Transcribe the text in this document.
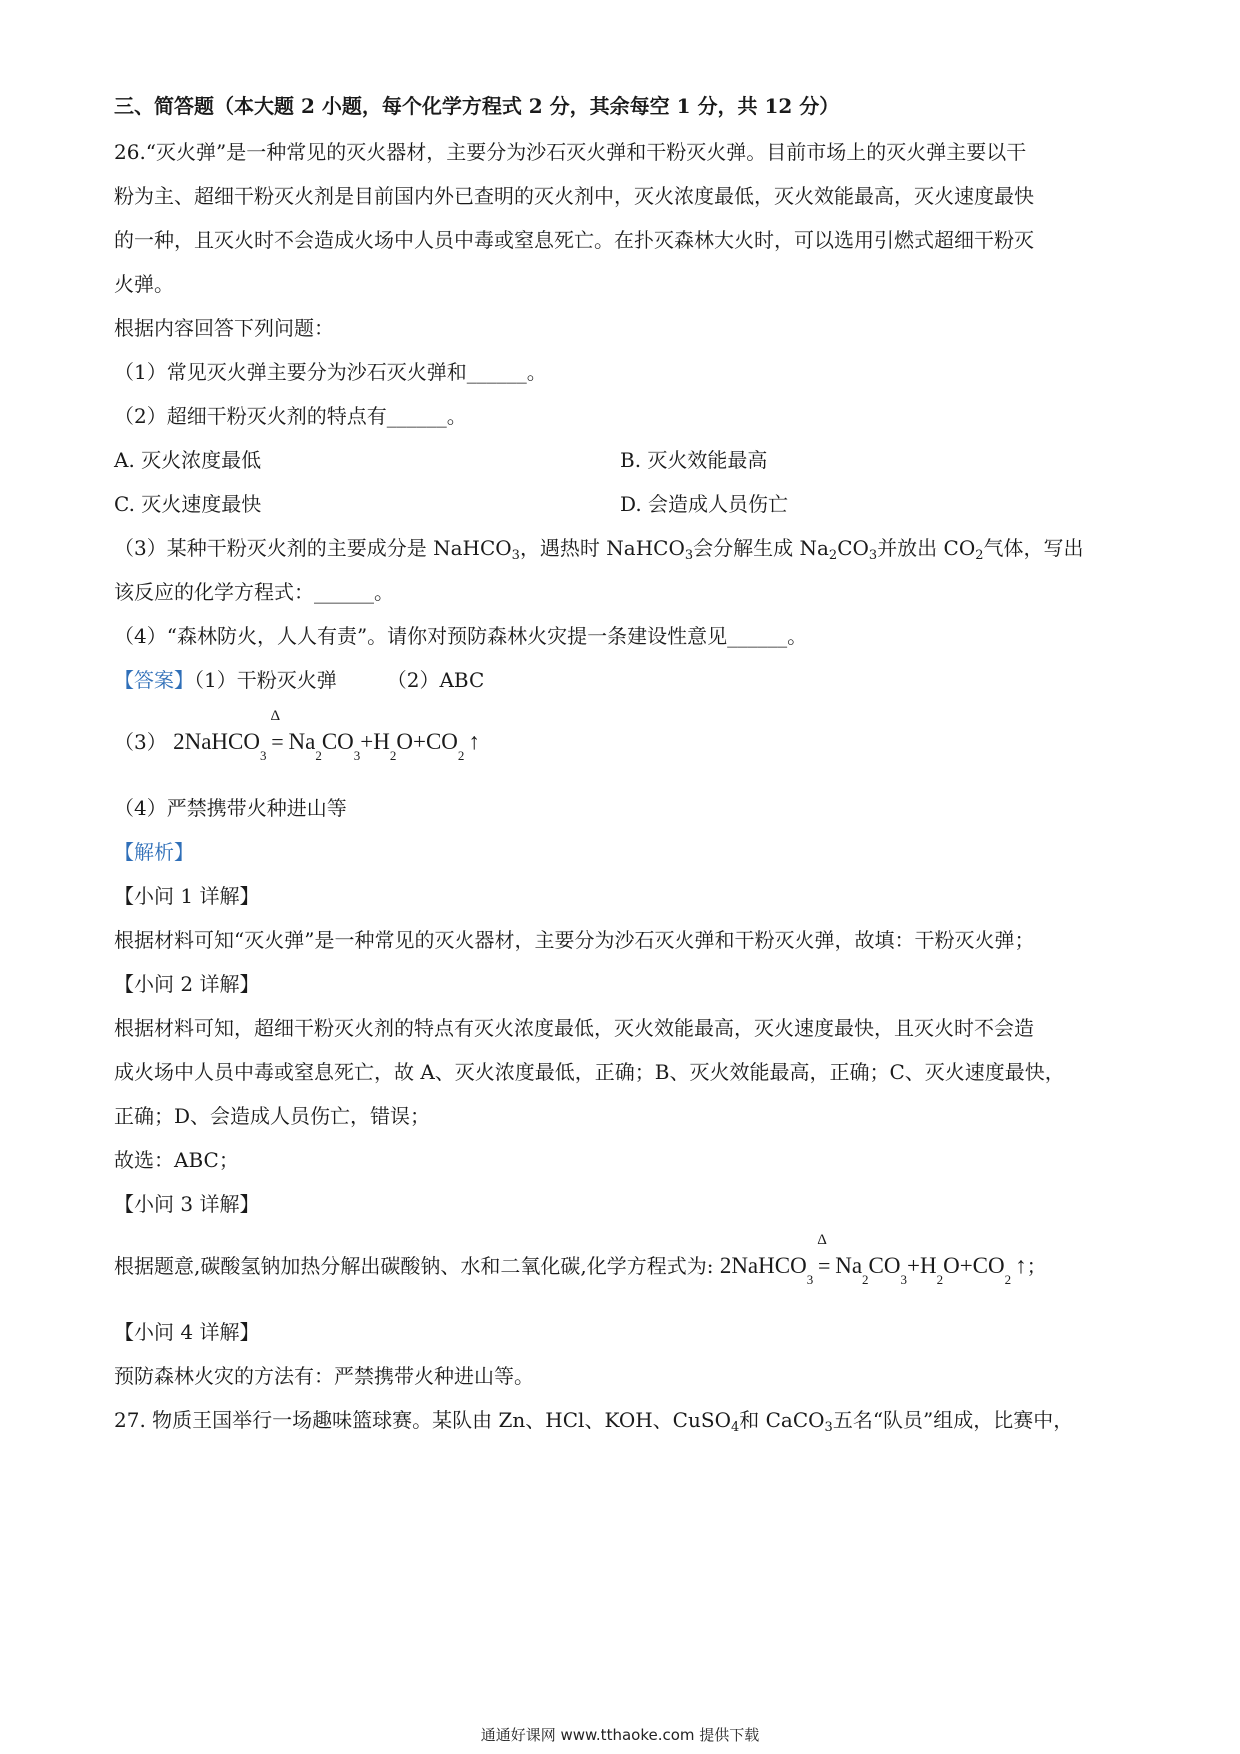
三、简答题（本大题 2 小题，每个化学方程式 2 分，其余每空 1 分，共 12 分）
26.“灭火弹”是一种常见的灭火器材，主要分为沙石灭火弹和干粉灭火弹。目前市场上的灭火弹主要以干
粉为主、超细干粉灭火剂是目前国内外已查明的灭火剂中，灭火浓度最低，灭火效能最高，灭火速度最快
的一种，且灭火时不会造成火场中人员中毒或窒息死亡。在扑灭森林大火时，可以选用引燃式超细干粉灭
火弹。
根据内容回答下列问题：
（1）常见灭火弹主要分为沙石灭火弹和______。
（2）超细干粉灭火剂的特点有______。
A. 灭火浓度最低	B. 灭火效能最高
C. 灭火速度最快	D. 会造成人员伤亡
（3）某种干粉灭火剂的主要成分是 NaHCO$_3$，遇热时 NaHCO$_3$会分解生成 $Na_2CO_3$并放出 $CO_2$气体，写出
该反应的化学方程式：______。
（4）“森林防火，人人有责”。请你对预防森林火灾提一条建设性意见______。
【答案】（1）干粉灭火弹	（2）ABC
（3） 2NaHCO
3
Δ
= Na
2
CO
3
+H
2
O+CO
2
↑
（4）严禁携带火种进山等
【解析】
【小问 1 详解】
根据材料可知“灭火弹”是一种常见的灭火器材，主要分为沙石灭火弹和干粉灭火弹，故填：干粉灭火弹；
【小问 2 详解】
根据材料可知，超细干粉灭火剂的特点有灭火浓度最低，灭火效能最高，灭火速度最快，且灭火时不会造
成火场中人员中毒或窒息死亡，故 A、灭火浓度最低，正确；B、灭火效能最高，正确；C、灭火速度最快，
正确；D、会造成人员伤亡，错误；
故选：ABC；
【小问 3 详解】
根据题意,碳酸氢钠加热分解出碳酸钠、水和二氧化碳,化学方程式为: 2NaHCO
3
Δ
= Na
2
CO
3
+H
2
O+CO
2
↑ ；
【小问 4 详解】
预防森林火灾的方法有：严禁携带火种进山等。
27. 物质王国举行一场趣味篮球赛。某队由 Zn、HCl、KOH、CuSO$_4$和 CaCO$_3$五名“队员”组成，比赛中，
通通好课网 www.tthaoke.com 提供下载
